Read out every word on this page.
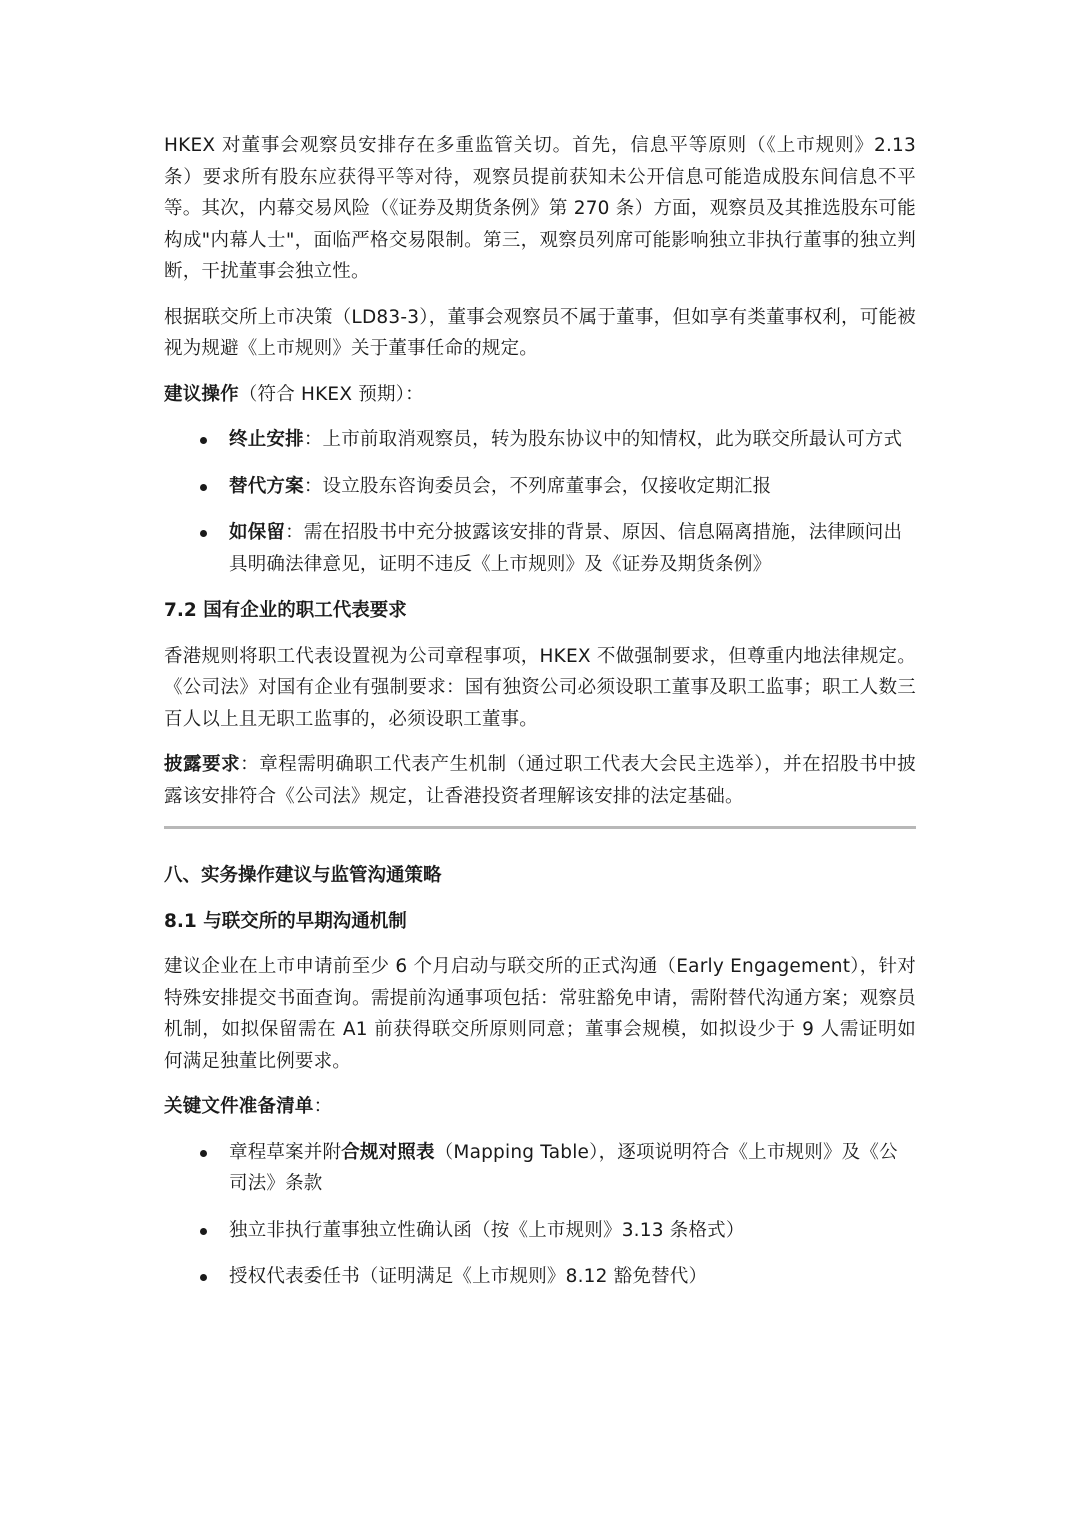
HKEX 对董事会观察员安排存在多重监管关切。首先，信息平等原则（《上市规则》2.13 条）要求所有股东应获得平等对待，观察员提前获知未公开信息可能造成股东间信息不平等。其次，内幕交易风险（《证券及期货条例》第 270 条）方面，观察员及其推选股东可能构成"内幕人士"，面临严格交易限制。第三，观察员列席可能影响独立非执行董事的独立判断，干扰董事会独立性。

根据联交所上市决策（LD83-3），董事会观察员不属于董事，但如享有类董事权利，可能被视为规避《上市规则》关于董事任命的规定。

建议操作（符合 HKEX 预期）：

终止安排：上市前取消观察员，转为股东协议中的知情权，此为联交所最认可方式
替代方案：设立股东咨询委员会，不列席董事会，仅接收定期汇报
如保留：需在招股书中充分披露该安排的背景、原因、信息隔离措施，法律顾问出具明确法律意见，证明不违反《上市规则》及《证券及期货条例》
7.2 国有企业的职工代表要求

香港规则将职工代表设置视为公司章程事项，HKEX 不做强制要求，但尊重内地法律规定。《公司法》对国有企业有强制要求：国有独资公司必须设职工董事及职工监事；职工人数三百人以上且无职工监事的，必须设职工董事。

披露要求：章程需明确职工代表产生机制（通过职工代表大会民主选举），并在招股书中披露该安排符合《公司法》规定，让香港投资者理解该安排的法定基础。

八、实务操作建议与监管沟通策略
8.1 与联交所的早期沟通机制

建议企业在上市申请前至少 6 个月启动与联交所的正式沟通（Early Engagement），针对特殊安排提交书面查询。需提前沟通事项包括：常驻豁免申请，需附替代沟通方案；观察员机制，如拟保留需在 A1 前获得联交所原则同意；董事会规模，如拟设少于 9 人需证明如何满足独董比例要求。

关键文件准备清单：

章程草案并附合规对照表（Mapping Table），逐项说明符合《上市规则》及《公司法》条款
独立非执行董事独立性确认函（按《上市规则》3.13 条格式）
授权代表委任书（证明满足《上市规则》8.12 豁免替代）
